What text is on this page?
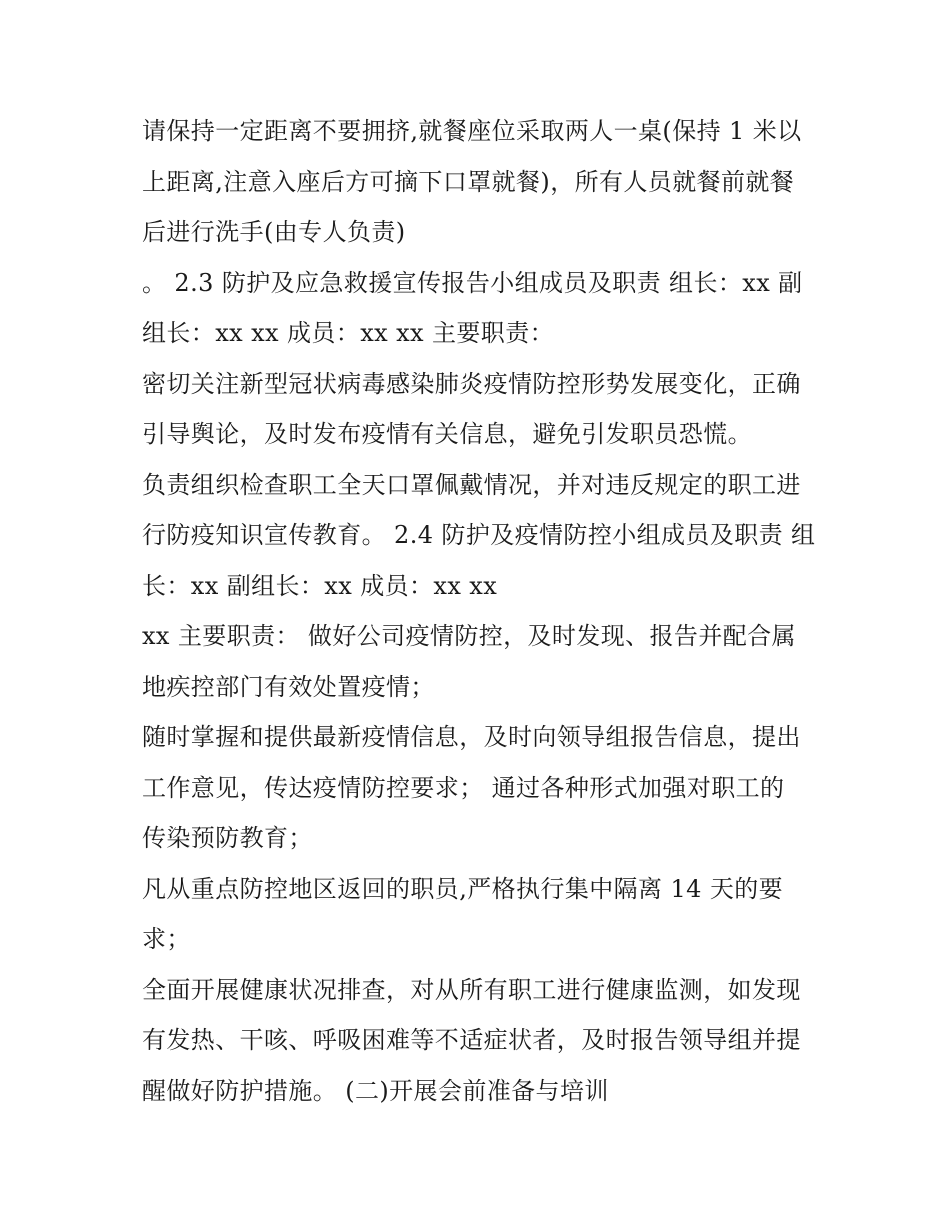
请保持一定距离不要拥挤,就餐座位采取两人一桌(保持 1 米以
上距离,注意入座后方可摘下口罩就餐)，所有人员就餐前就餐
后进行洗手(由专人负责)
。 2.3 防护及应急救援宣传报告小组成员及职责 组长：xx 副
组长：xx xx 成员：xx xx 主要职责：
密切关注新型冠状病毒感染肺炎疫情防控形势发展变化，正确
引导舆论，及时发布疫情有关信息，避免引发职员恐慌。
负责组织检查职工全天口罩佩戴情况，并对违反规定的职工进
行防疫知识宣传教育。 2.4 防护及疫情防控小组成员及职责 组
长：xx 副组长：xx 成员：xx xx
xx 主要职责： 做好公司疫情防控，及时发现、报告并配合属
地疾控部门有效处置疫情；
随时掌握和提供最新疫情信息，及时向领导组报告信息，提出
工作意见，传达疫情防控要求； 通过各种形式加强对职工的
传染预防教育；
凡从重点防控地区返回的职员,严格执行集中隔离 14 天的要
求；
全面开展健康状况排查，对从所有职工进行健康监测，如发现
有发热、干咳、呼吸困难等不适症状者，及时报告领导组并提
醒做好防护措施。 (二)开展会前准备与培训
